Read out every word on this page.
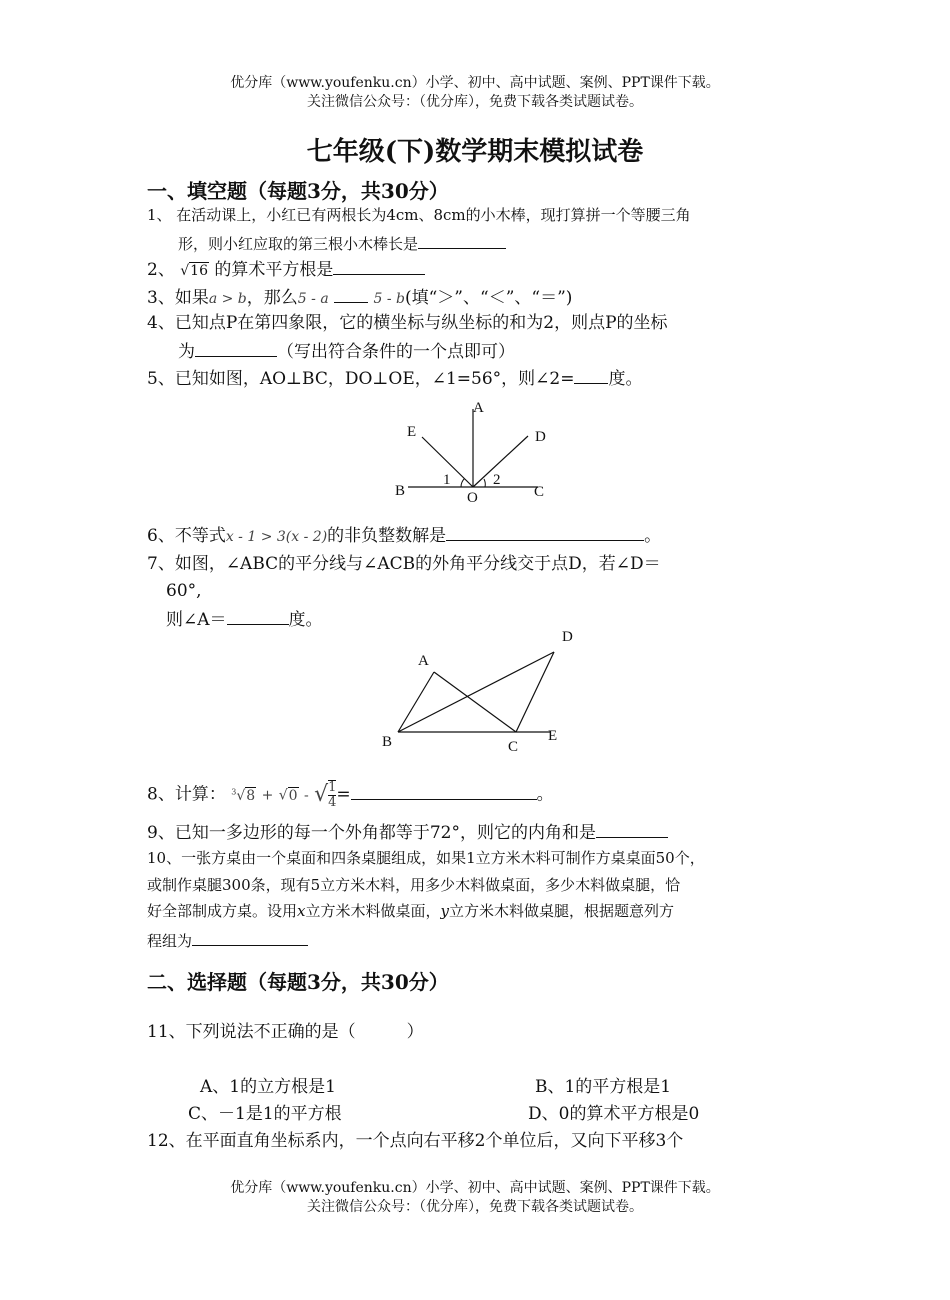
优分库（www.youfenku.cn）小学、初中、高中试题、案例、PPT课件下载。
关注微信公众号：（优分库），免费下载各类试题试卷。
七年级(下)数学期末模拟试卷
一、填空题（每题3分，共30分）
1、 在活动课上，小红已有两根长为4cm、8cm的小木棒，现打算拼一个等腰三角
形，则小红应取的第三根小木棒长是
2、 √16 的算术平方根是
3、如果a > b，那么5 - a	5 - b(填“＞”、“＜”、“＝”)
4、已知点P在第四象限，它的横坐标与纵坐标的和为2，则点P的坐标
为	（写出符合条件的一个点即可）
5、已知如图，AO⊥BC，DO⊥OE，∠1=56°，则∠2= 度。
A
E	D
B	O	C
1	2
6、不等式x - 1 > 3(x - 2)的非负整数解是	。
7、如图，∠ABC的平分线与∠ACB的外角平分线交于点D，若∠D＝
60°,
则∠A＝	度。
A
B	C
D
E
8、计算： $^3$√8 + √0 - √ $\frac{1}{4}$ =	。
9、已知一多边形的每一个外角都等于72°，则它的内角和是
10、一张方桌由一个桌面和四条桌腿组成，如果1立方米木料可制作方桌桌面50个，
或制作桌腿300条，现有5立方米木料，用多少木料做桌面，多少木料做桌腿，恰
好全部制成方桌。设用x立方米木料做桌面，y立方米木料做桌腿，根据题意列方
程组为
二、选择题（每题3分，共30分）
11、下列说法不正确的是（　　　）
A、1的立方根是1	B、1的平方根是1
C、－1是1的平方根	D、0的算术平方根是0
12、在平面直角坐标系内，一个点向右平移2个单位后，又向下平移3个
优分库（www.youfenku.cn）小学、初中、高中试题、案例、PPT课件下载。
关注微信公众号：（优分库），免费下载各类试题试卷。
